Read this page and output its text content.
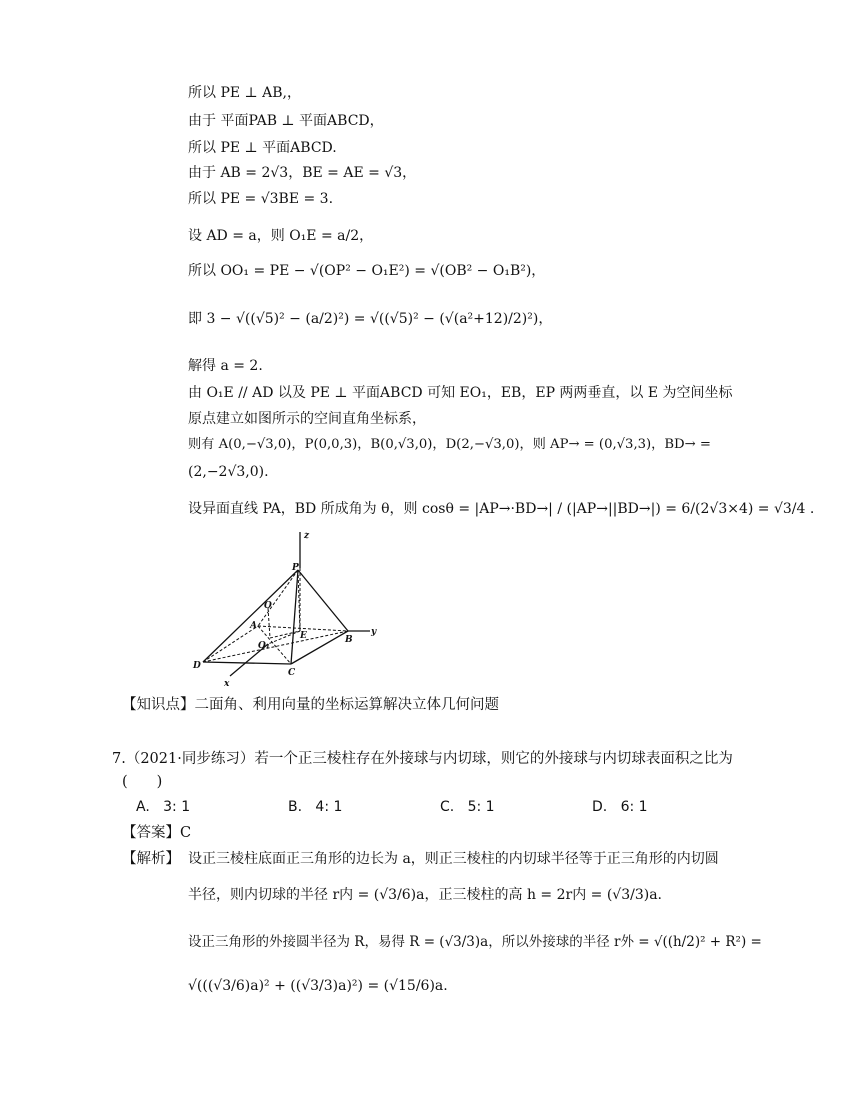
所以 PE ⊥ AB,，
由于 平面PAB ⊥ 平面ABCD，
所以 PE ⊥ 平面ABCD.
由于 AB = 2√3，BE = AE = √3，
所以 PE = √3BE = 3.
设 AD = a，则 O₁E = a/2，
所以 OO₁ = PE − √(OP² − O₁E²) = √(OB² − O₁B²)，
即 3 − √((√5)² − (a/2)²) = √((√5)² − (√(a²+12)/2)²)，
解得 a = 2.
由 O₁E // AD 以及 PE ⊥ 平面ABCD 可知 EO₁，EB，EP 两两垂直，以 E 为空间坐标
原点建立如图所示的空间直角坐标系，
则有 A(0,−√3,0)，P(0,0,3)，B(0,√3,0)，D(2,−√3,0)，则 AP→ = (0,√3,3)，BD→ =
(2,−2√3,0).
设异面直线 PA，BD 所成角为 θ，则 cosθ = |AP→·BD→| / (|AP→||BD→|) = 6/(2√3×4) = √3/4 .
z
P
O
A
E	B
y
O₁
D
C
x
【知识点】二面角、利用向量的坐标运算解决立体几何问题
7.（2021·同步练习）若一个正三棱柱存在外接球与内切球，则它的外接球与内切球表面积之比为
(　　)
A. 3: 1	B. 4: 1	C. 5: 1	D. 6: 1
【答案】C
【解析】 设正三棱柱底面正三角形的边长为 a，则正三棱柱的内切球半径等于正三角形的内切圆
半径，则内切球的半径 r内 = (√3/6)a，正三棱柱的高 h = 2r内 = (√3/3)a.
设正三角形的外接圆半径为 R，易得 R = (√3/3)a，所以外接球的半径 r外 = √((h/2)² + R²) =
√(((√3/6)a)² + ((√3/3)a)²) = (√15/6)a.
